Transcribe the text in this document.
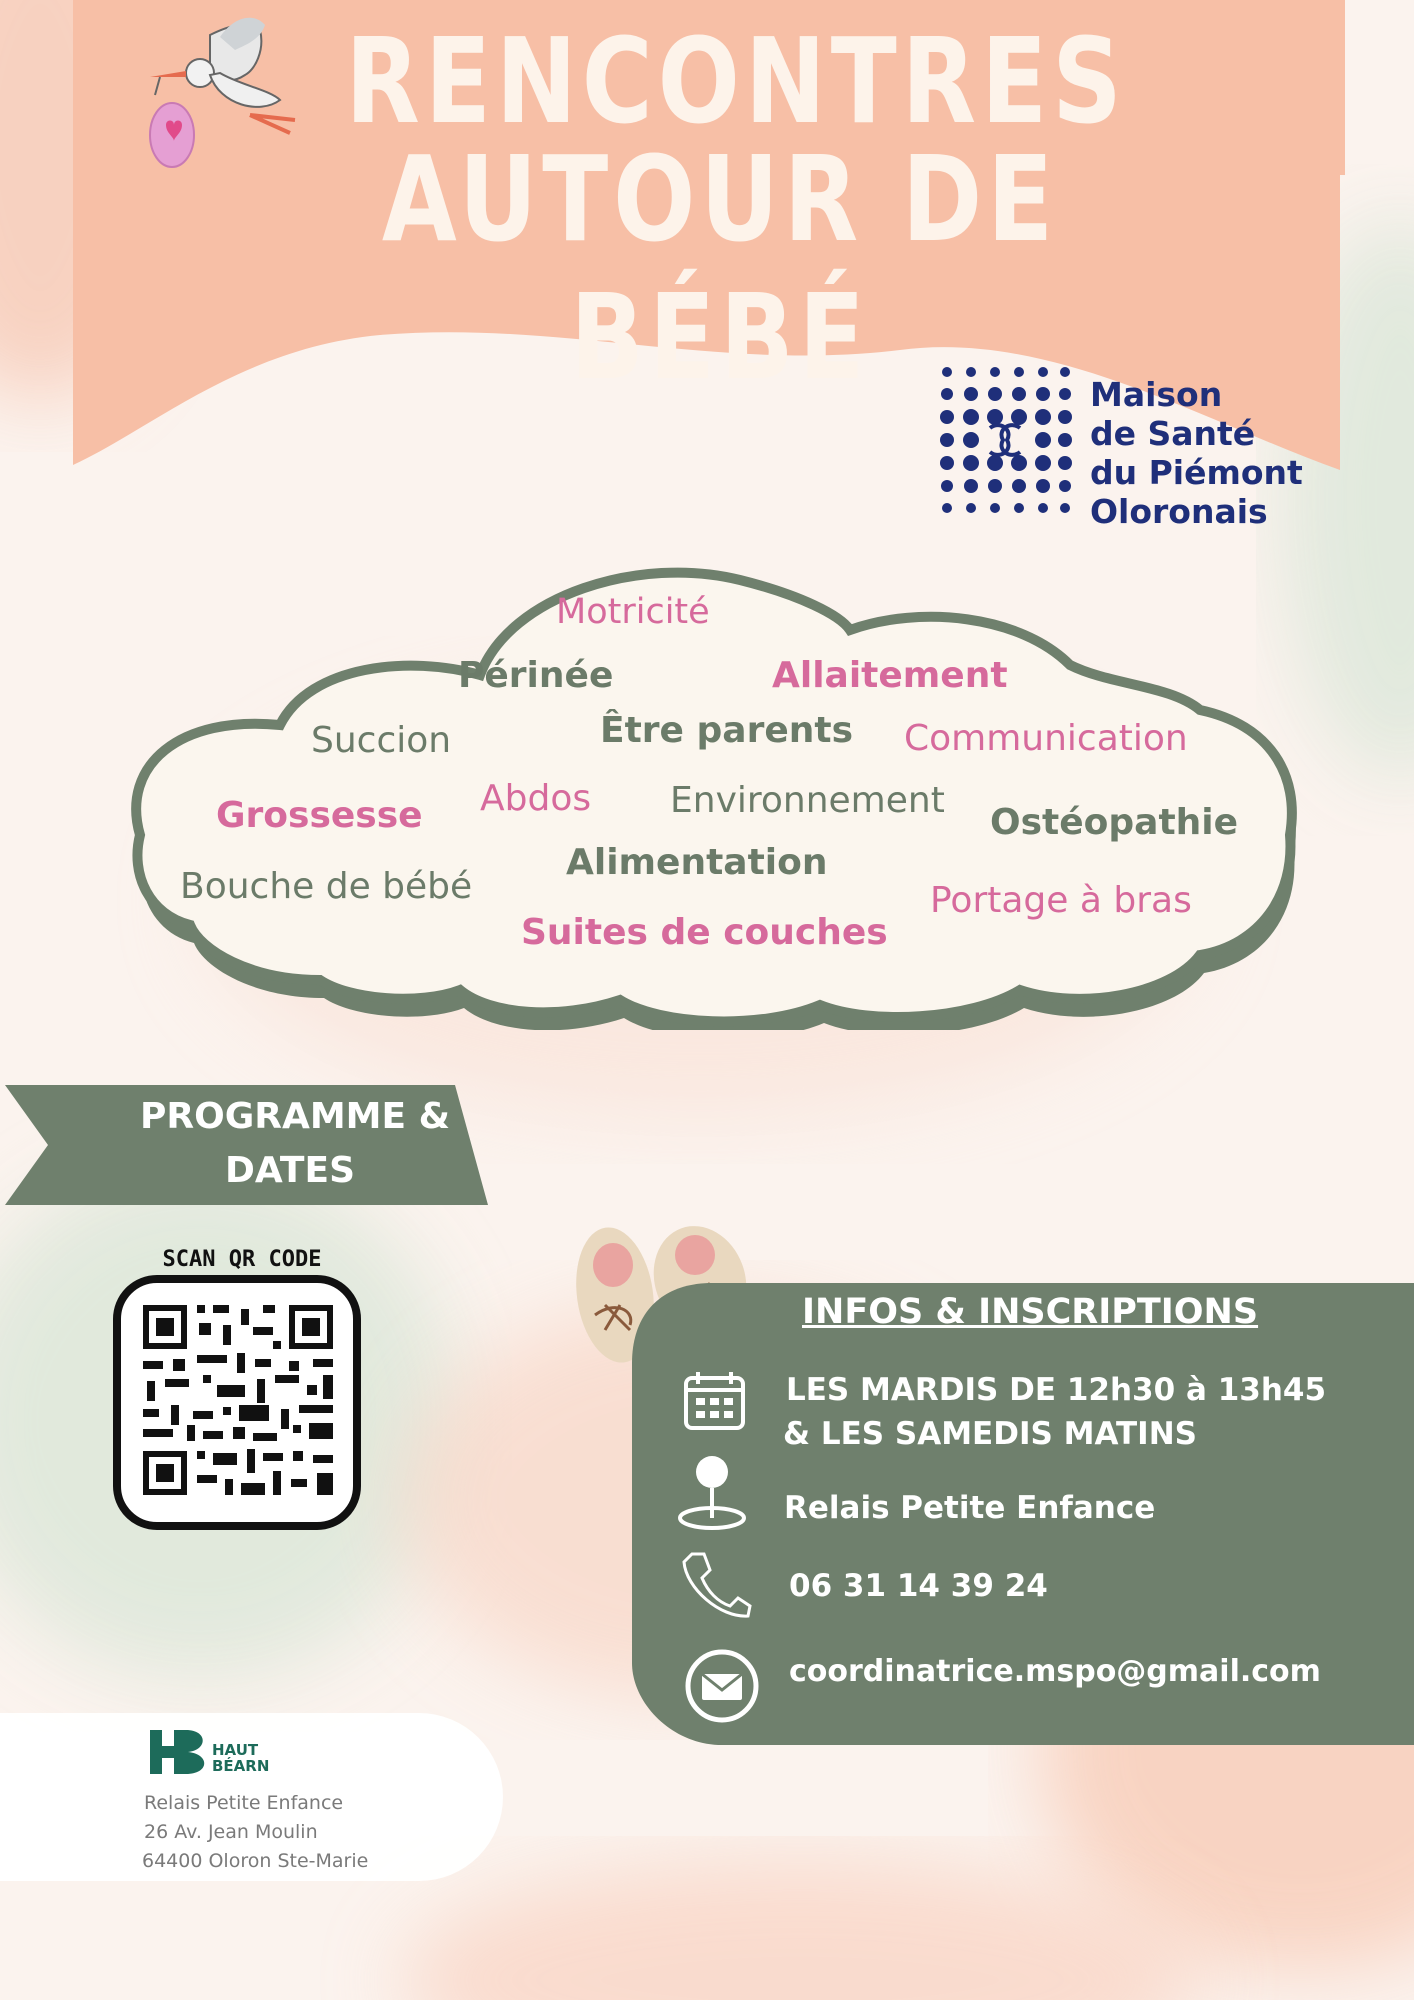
RENCONTRES
AUTOUR DE BÉBÉ	Maison
de Santé
du Piémont
Oloronais
Motricité
Périnée	Allaitement
Succion	Être parents Communication
Grossesse Abdos Environnement
Ostéopathie
Bouche de bébé
Alimentation
Portage à bras
Suites de couches
PROGRAMME &
DATES
SCAN QR CODE
INFOS & INSCRIPTIONS
LES MARDIS DE 12h30 à 13h45
& LES SAMEDIS MATINS
Relais Petite Enfance
06 31 14 39 24
coordinatrice.mspo@gmail.com
HAUT
BÉARN
Relais Petite Enfance
26 Av. Jean Moulin
64400 Oloron Ste-Marie
